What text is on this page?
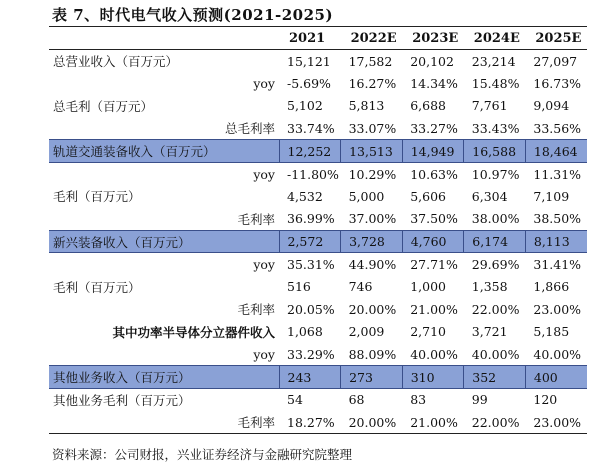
表 7、时代电气收入预测(2021-2025)
	2021	2022E	2023E	2024E	2025E
总营业收入（百万元）	15,121	17,582	20,102	23,214	27,097
yoy	-5.69%	16.27%	14.34%	15.48%	16.73%
总毛利（百万元）	5,102	5,813	6,688	7,761	9,094
总毛利率	33.74%	33.07%	33.27%	33.43%	33.56%
轨道交通装备收入（百万元）	12,252	13,513	14,949	16,588	18,464
yoy	-11.80%	10.29%	10.63%	10.97%	11.31%
毛利（百万元）	4,532	5,000	5,606	6,304	7,109
毛利率	36.99%	37.00%	37.50%	38.00%	38.50%
新兴装备收入（百万元）	2,572	3,728	4,760	6,174	8,113
yoy	35.31%	44.90%	27.71%	29.69%	31.41%
毛利（百万元）	516	746	1,000	1,358	1,866
毛利率	20.05%	20.00%	21.00%	22.00%	23.00%
其中功率半导体分立器件收入	1,068	2,009	2,710	3,721	5,185
yoy	33.29%	88.09%	40.00%	40.00%	40.00%
其他业务收入（百万元）	243	273	310	352	400
其他业务毛利（百万元）	54	68	83	99	120
毛利率	18.27%	20.00%	21.00%	22.00%	23.00%
资料来源：公司财报，兴业证券经济与金融研究院整理
